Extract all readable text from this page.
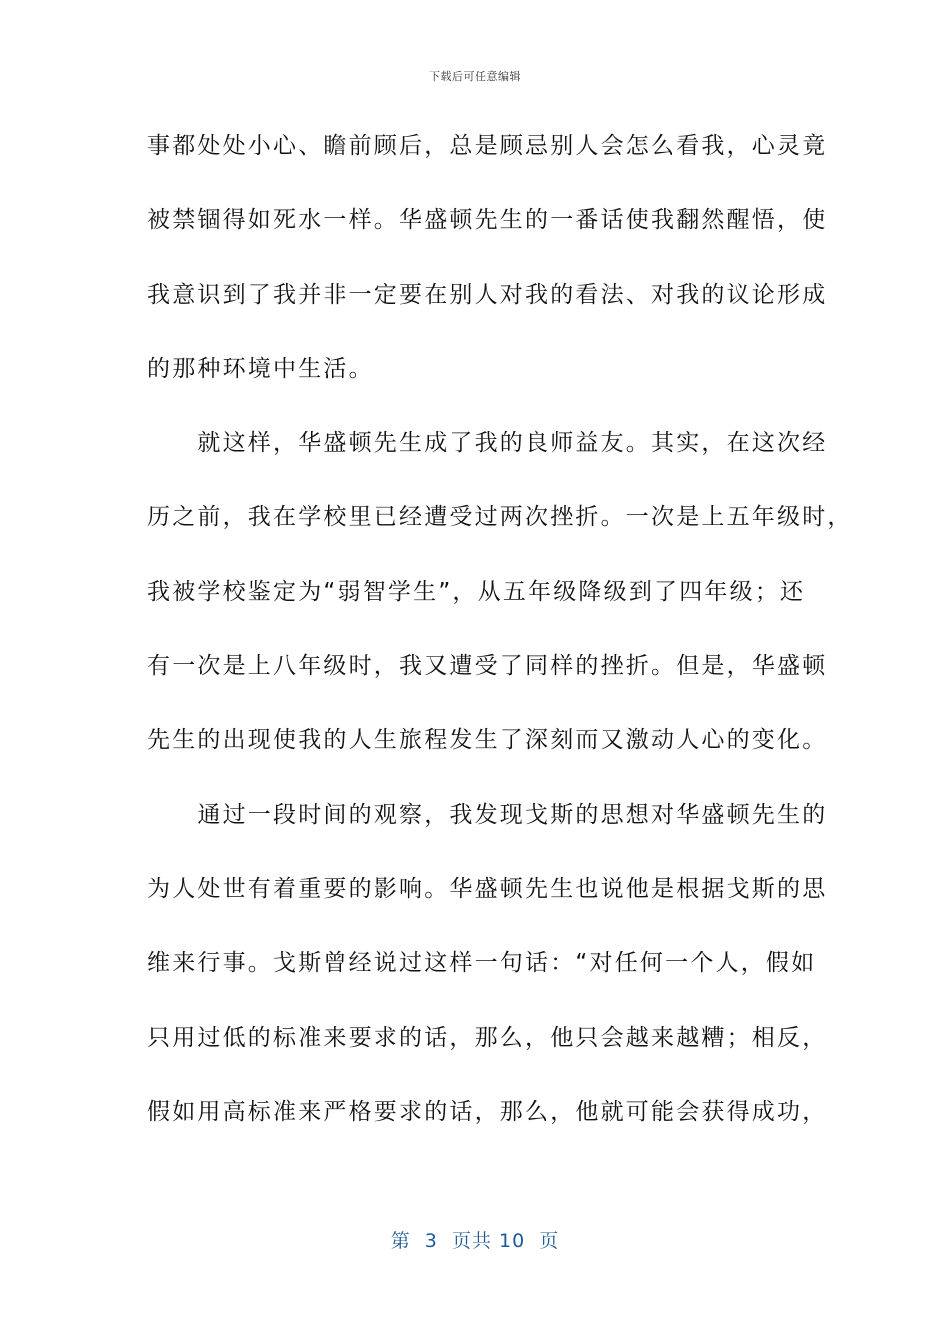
下载后可任意编辑
事都处处小心、瞻前顾后，总是顾忌别人会怎么看我，心灵竟
被禁锢得如死水一样。华盛顿先生的一番话使我翻然醒悟，使
我意识到了我并非一定要在别人对我的看法、对我的议论形成
的那种环境中生活。
　　就这样，华盛顿先生成了我的良师益友。其实，在这次经
历之前，我在学校里已经遭受过两次挫折。一次是上五年级时，
我被学校鉴定为“弱智学生”，从五年级降级到了四年级；还
有一次是上八年级时，我又遭受了同样的挫折。但是，华盛顿
先生的出现使我的人生旅程发生了深刻而又激动人心的变化。
　　通过一段时间的观察，我发现戈斯的思想对华盛顿先生的
为人处世有着重要的影响。华盛顿先生也说他是根据戈斯的思
维来行事。戈斯曾经说过这样一句话：“对任何一个人，假如
只用过低的标准来要求的话，那么，他只会越来越糟；相反，
假如用高标准来严格要求的话，那么，他就可能会获得成功，
第  3  页共 10  页
